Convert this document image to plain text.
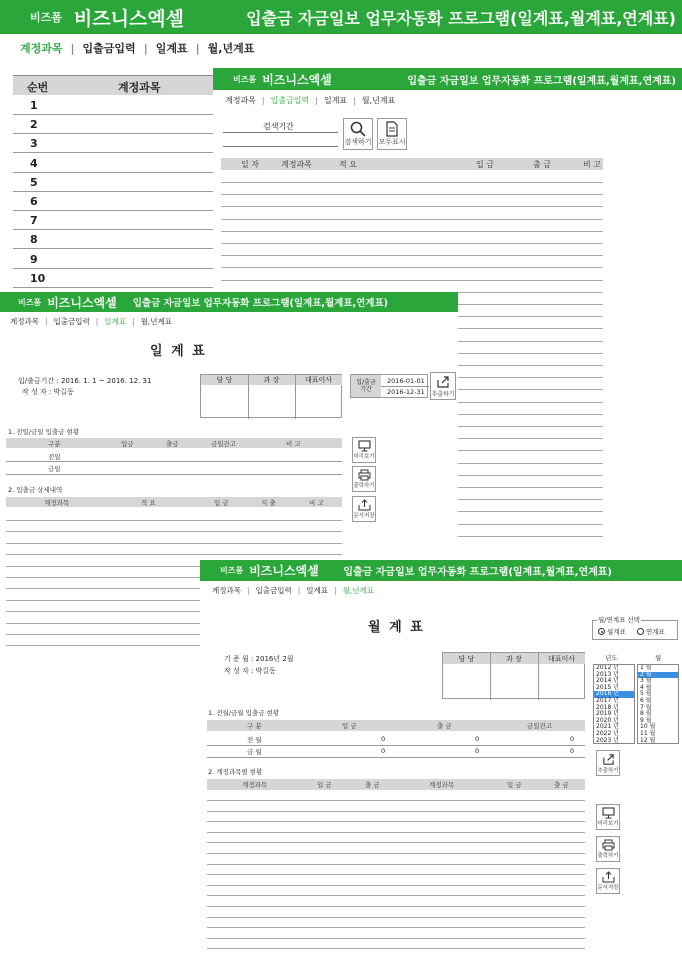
비즈폼 비즈니스엑셀	입출금 자금일보 업무자동화 프로그램(일계표,월계표,연계표)
계정과목 | 입출금입력 | 일계표 | 월,년계표
순번	계정과목
1
2
3
4
5
6
7
8
9
10
비즈폼 비즈니스엑셀	입출금 자금일보 업무자동화 프로그램(일계표,월계표,연계표)
계정과목 | 입출금입력 | 일계표 | 월,년계표
검색기간
검색하기 모두표시
일 자	계정과목	적 요	입 금	출 금	비 고
비즈폼 비즈니스엑셀 입출금 자금일보 업무자동화 프로그램(일계표,월계표,연계표)
계정과목 | 입출금입력 | 일계표 | 월,년계표
일 계 표
입/출금기간 : 2016. 1. 1 ~ 2016. 12. 31
작 성 자 : 박길동
담 당	과 장	대표이사	입/출금
기간
2016-01-01
2016-12-31 추출하기
1. 전일/금일 입출금 현황
구분	입금	출금	금일잔고	비 고
전일
금일
2. 입출금 상세내역
계정과목	적 요	입 금	지 출	비 고
미리보기
출력하기
문서저장
비즈폼 비즈니스엑셀 입출금 자금일보 업무자동화 프로그램(일계표,월계표,연계표)
계정과목 | 입출금입력 | 일계표 | 월,년계표
월 계 표
기 준 월 : 2016년 2월
작 성 자 : 박길동
담 당	과 장	대표이사
월/연계표 선택
월계표	연계표
년도	월
2012 년
2013 년
2014 년
2015 년
2016 년
2017 년
2018 년
2019 년
2020 년
2021 년
2022 년
2023 년
1 월
2 월
3 월
4 월
5 월
6 월
7 월
8 월
9 월
10 월
11 월
12 월
추출하기
미리보기
출력하기
문서저장
1. 전월/금월 입출금 현황
구 분	입 금	출 금	금일잔고
전 월	0	0	0
금 월	0	0	0
2. 계정과목별 현황
계정과목	입 금	출 금	계정과목	입 금	출 금
